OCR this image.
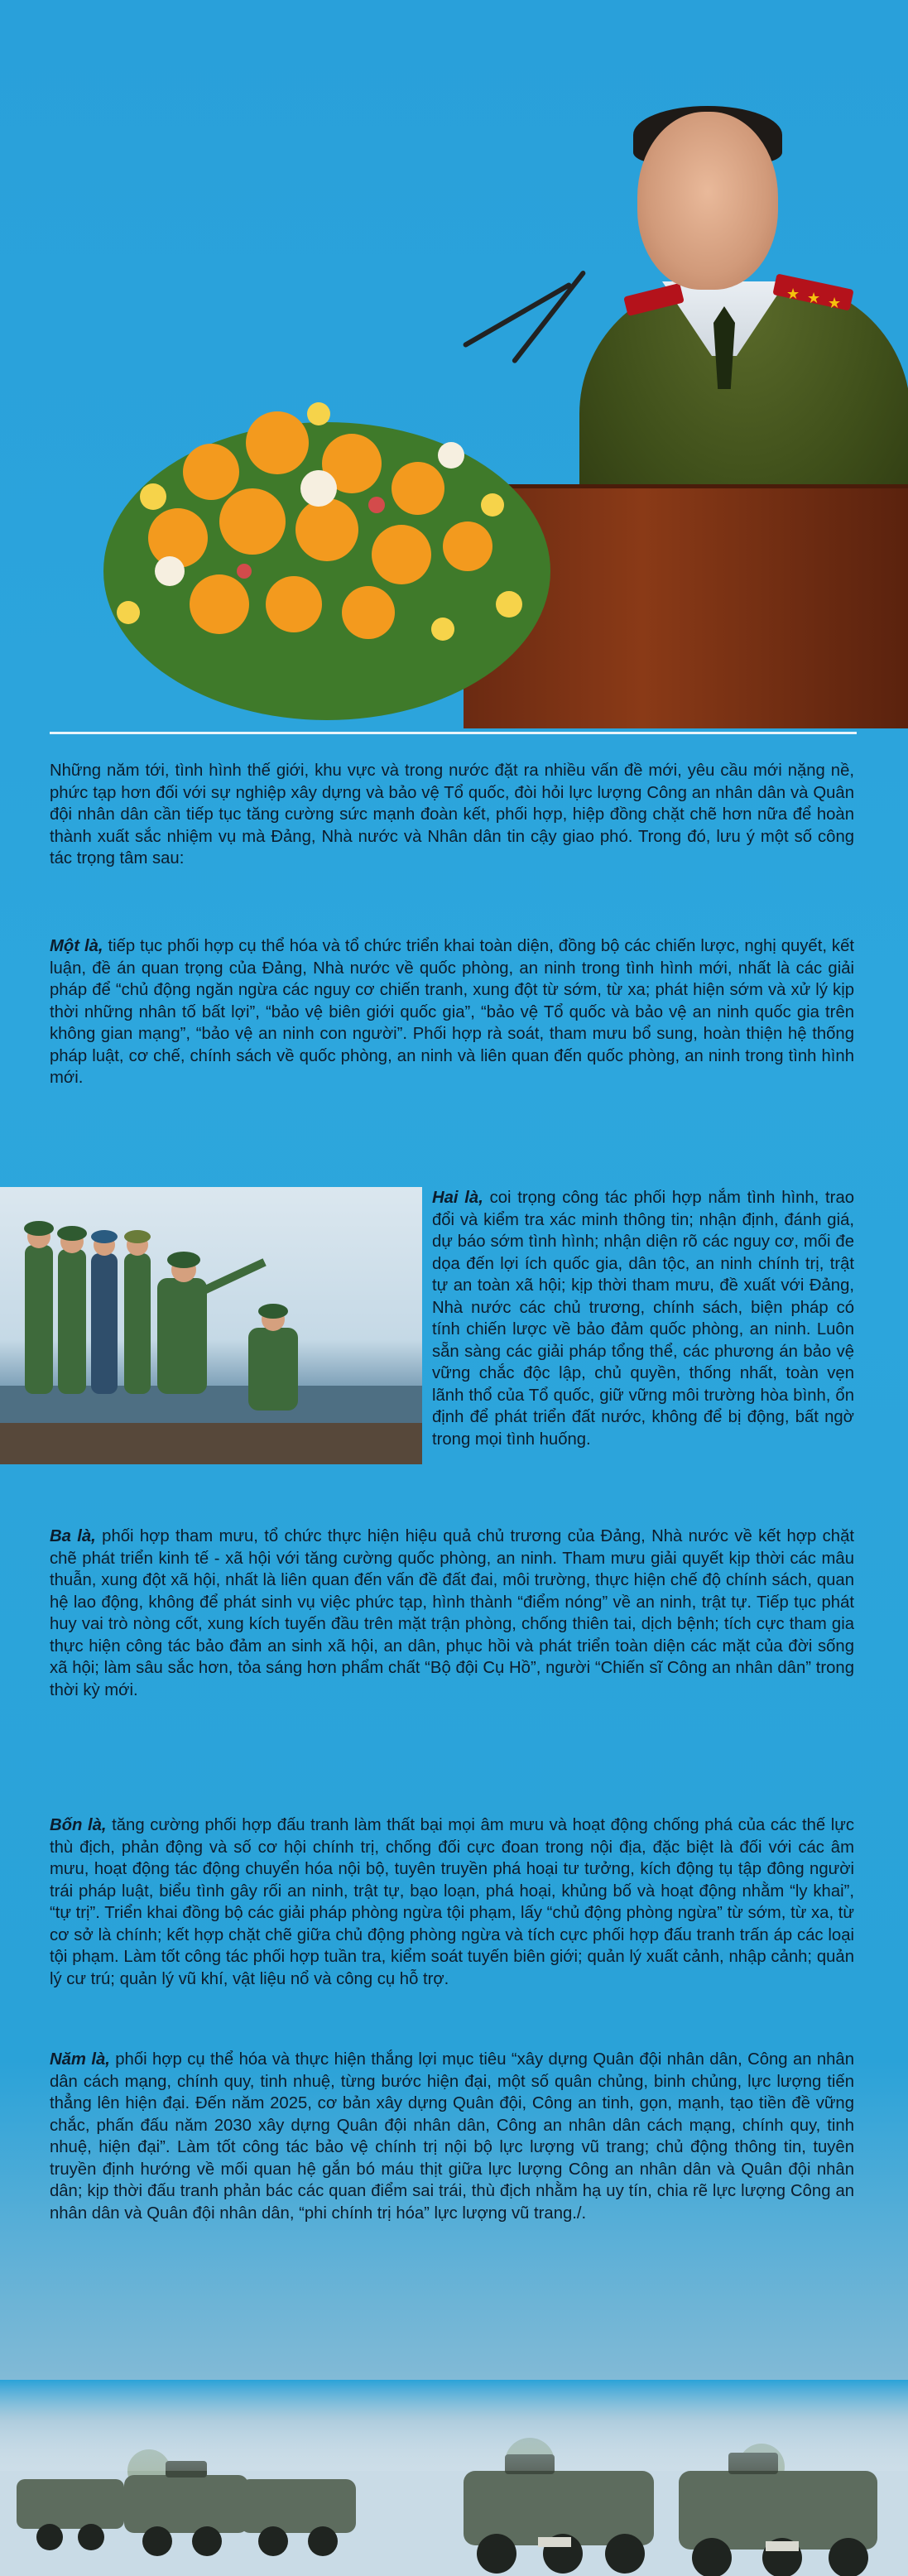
★ ★ ★

Những năm tới, tình hình thế giới, khu vực và trong nước đặt ra nhiều vấn đề mới, yêu cầu mới nặng nề, phức tạp hơn đối với sự nghiệp xây dựng và bảo vệ Tổ quốc, đòi hỏi lực lượng Công an nhân dân và Quân đội nhân dân cần tiếp tục tăng cường sức mạnh đoàn kết, phối hợp, hiệp đồng chặt chẽ hơn nữa để hoàn thành xuất sắc nhiệm vụ mà Đảng, Nhà nước và Nhân dân tin cậy giao phó. Trong đó, lưu ý một số công tác trọng tâm sau:

Một là, tiếp tục phối hợp cụ thể hóa và tổ chức triển khai toàn diện, đồng bộ các chiến lược, nghị quyết, kết luận, đề án quan trọng của Đảng, Nhà nước về quốc phòng, an ninh trong tình hình mới, nhất là các giải pháp để “chủ động ngăn ngừa các nguy cơ chiến tranh, xung đột từ sớm, từ xa; phát hiện sớm và xử lý kịp thời những nhân tố bất lợi”, “bảo vệ biên giới quốc gia”, “bảo vệ Tổ quốc và bảo vệ an ninh quốc gia trên không gian mạng”, “bảo vệ an ninh con người”. Phối hợp rà soát, tham mưu bổ sung, hoàn thiện hệ thống pháp luật, cơ chế, chính sách về quốc phòng, an ninh và liên quan đến quốc phòng, an ninh trong tình hình mới.

Hai là, coi trọng công tác phối hợp nắm tình hình, trao đổi và kiểm tra xác minh thông tin; nhận định, đánh giá, dự báo sớm tình hình; nhận diện rõ các nguy cơ, mối đe dọa đến lợi ích quốc gia, dân tộc, an ninh chính trị, trật tự an toàn xã hội; kịp thời tham mưu, đề xuất với Đảng, Nhà nước các chủ trương, chính sách, biện pháp có tính chiến lược về bảo đảm quốc phòng, an ninh. Luôn sẵn sàng các giải pháp tổng thể, các phương án bảo vệ vững chắc độc lập, chủ quyền, thống nhất, toàn vẹn lãnh thổ của Tổ quốc, giữ vững môi trường hòa bình, ổn định để phát triển đất nước, không để bị động, bất ngờ trong mọi tình huống.

Ba là, phối hợp tham mưu, tổ chức thực hiện hiệu quả chủ trương của Đảng, Nhà nước về kết hợp chặt chẽ phát triển kinh tế - xã hội với tăng cường quốc phòng, an ninh. Tham mưu giải quyết kịp thời các mâu thuẫn, xung đột xã hội, nhất là liên quan đến vấn đề đất đai, môi trường, thực hiện chế độ chính sách, quan hệ lao động, không để phát sinh vụ việc phức tạp, hình thành “điểm nóng” về an ninh, trật tự. Tiếp tục phát huy vai trò nòng cốt, xung kích tuyến đầu trên mặt trận phòng, chống thiên tai, dịch bệnh; tích cực tham gia thực hiện công tác bảo đảm an sinh xã hội, an dân, phục hồi và phát triển toàn diện các mặt của đời sống xã hội; làm sâu sắc hơn, tỏa sáng hơn phẩm chất “Bộ đội Cụ Hồ”, người “Chiến sĩ Công an nhân dân” trong thời kỳ mới.

Bốn là, tăng cường phối hợp đấu tranh làm thất bại mọi âm mưu và hoạt động chống phá của các thế lực thù địch, phản động và số cơ hội chính trị, chống đối cực đoan trong nội địa, đặc biệt là đối với các âm mưu, hoạt động tác động chuyển hóa nội bộ, tuyên truyền phá hoại tư tưởng, kích động tụ tập đông người trái pháp luật, biểu tình gây rối an ninh, trật tự, bạo loạn, phá hoại, khủng bố và hoạt động nhằm “ly khai”, “tự trị”. Triển khai đồng bộ các giải pháp phòng ngừa tội phạm, lấy “chủ động phòng ngừa” từ sớm, từ xa, từ cơ sở là chính; kết hợp chặt chẽ giữa chủ động phòng ngừa và tích cực phối hợp đấu tranh trấn áp các loại tội phạm. Làm tốt công tác phối hợp tuần tra, kiểm soát tuyến biên giới; quản lý xuất cảnh, nhập cảnh; quản lý cư trú; quản lý vũ khí, vật liệu nổ và công cụ hỗ trợ.

Năm là, phối hợp cụ thể hóa và thực hiện thắng lợi mục tiêu “xây dựng Quân đội nhân dân, Công an nhân dân cách mạng, chính quy, tinh nhuệ, từng bước hiện đại, một số quân chủng, binh chủng, lực lượng tiến thẳng lên hiện đại. Đến năm 2025, cơ bản xây dựng Quân đội, Công an tinh, gọn, mạnh, tạo tiền đề vững chắc, phấn đấu năm 2030 xây dựng Quân đội nhân dân, Công an nhân dân cách mạng, chính quy, tinh nhuệ, hiện đại”. Làm tốt công tác bảo vệ chính trị nội bộ lực lượng vũ trang; chủ động thông tin, tuyên truyền định hướng về mối quan hệ gắn bó máu thịt giữa lực lượng Công an nhân dân và Quân đội nhân dân; kịp thời đấu tranh phản bác các quan điểm sai trái, thù địch nhằm hạ uy tín, chia rẽ lực lượng Công an nhân dân và Quân đội nhân dân, “phi chính trị hóa” lực lượng vũ trang./.
